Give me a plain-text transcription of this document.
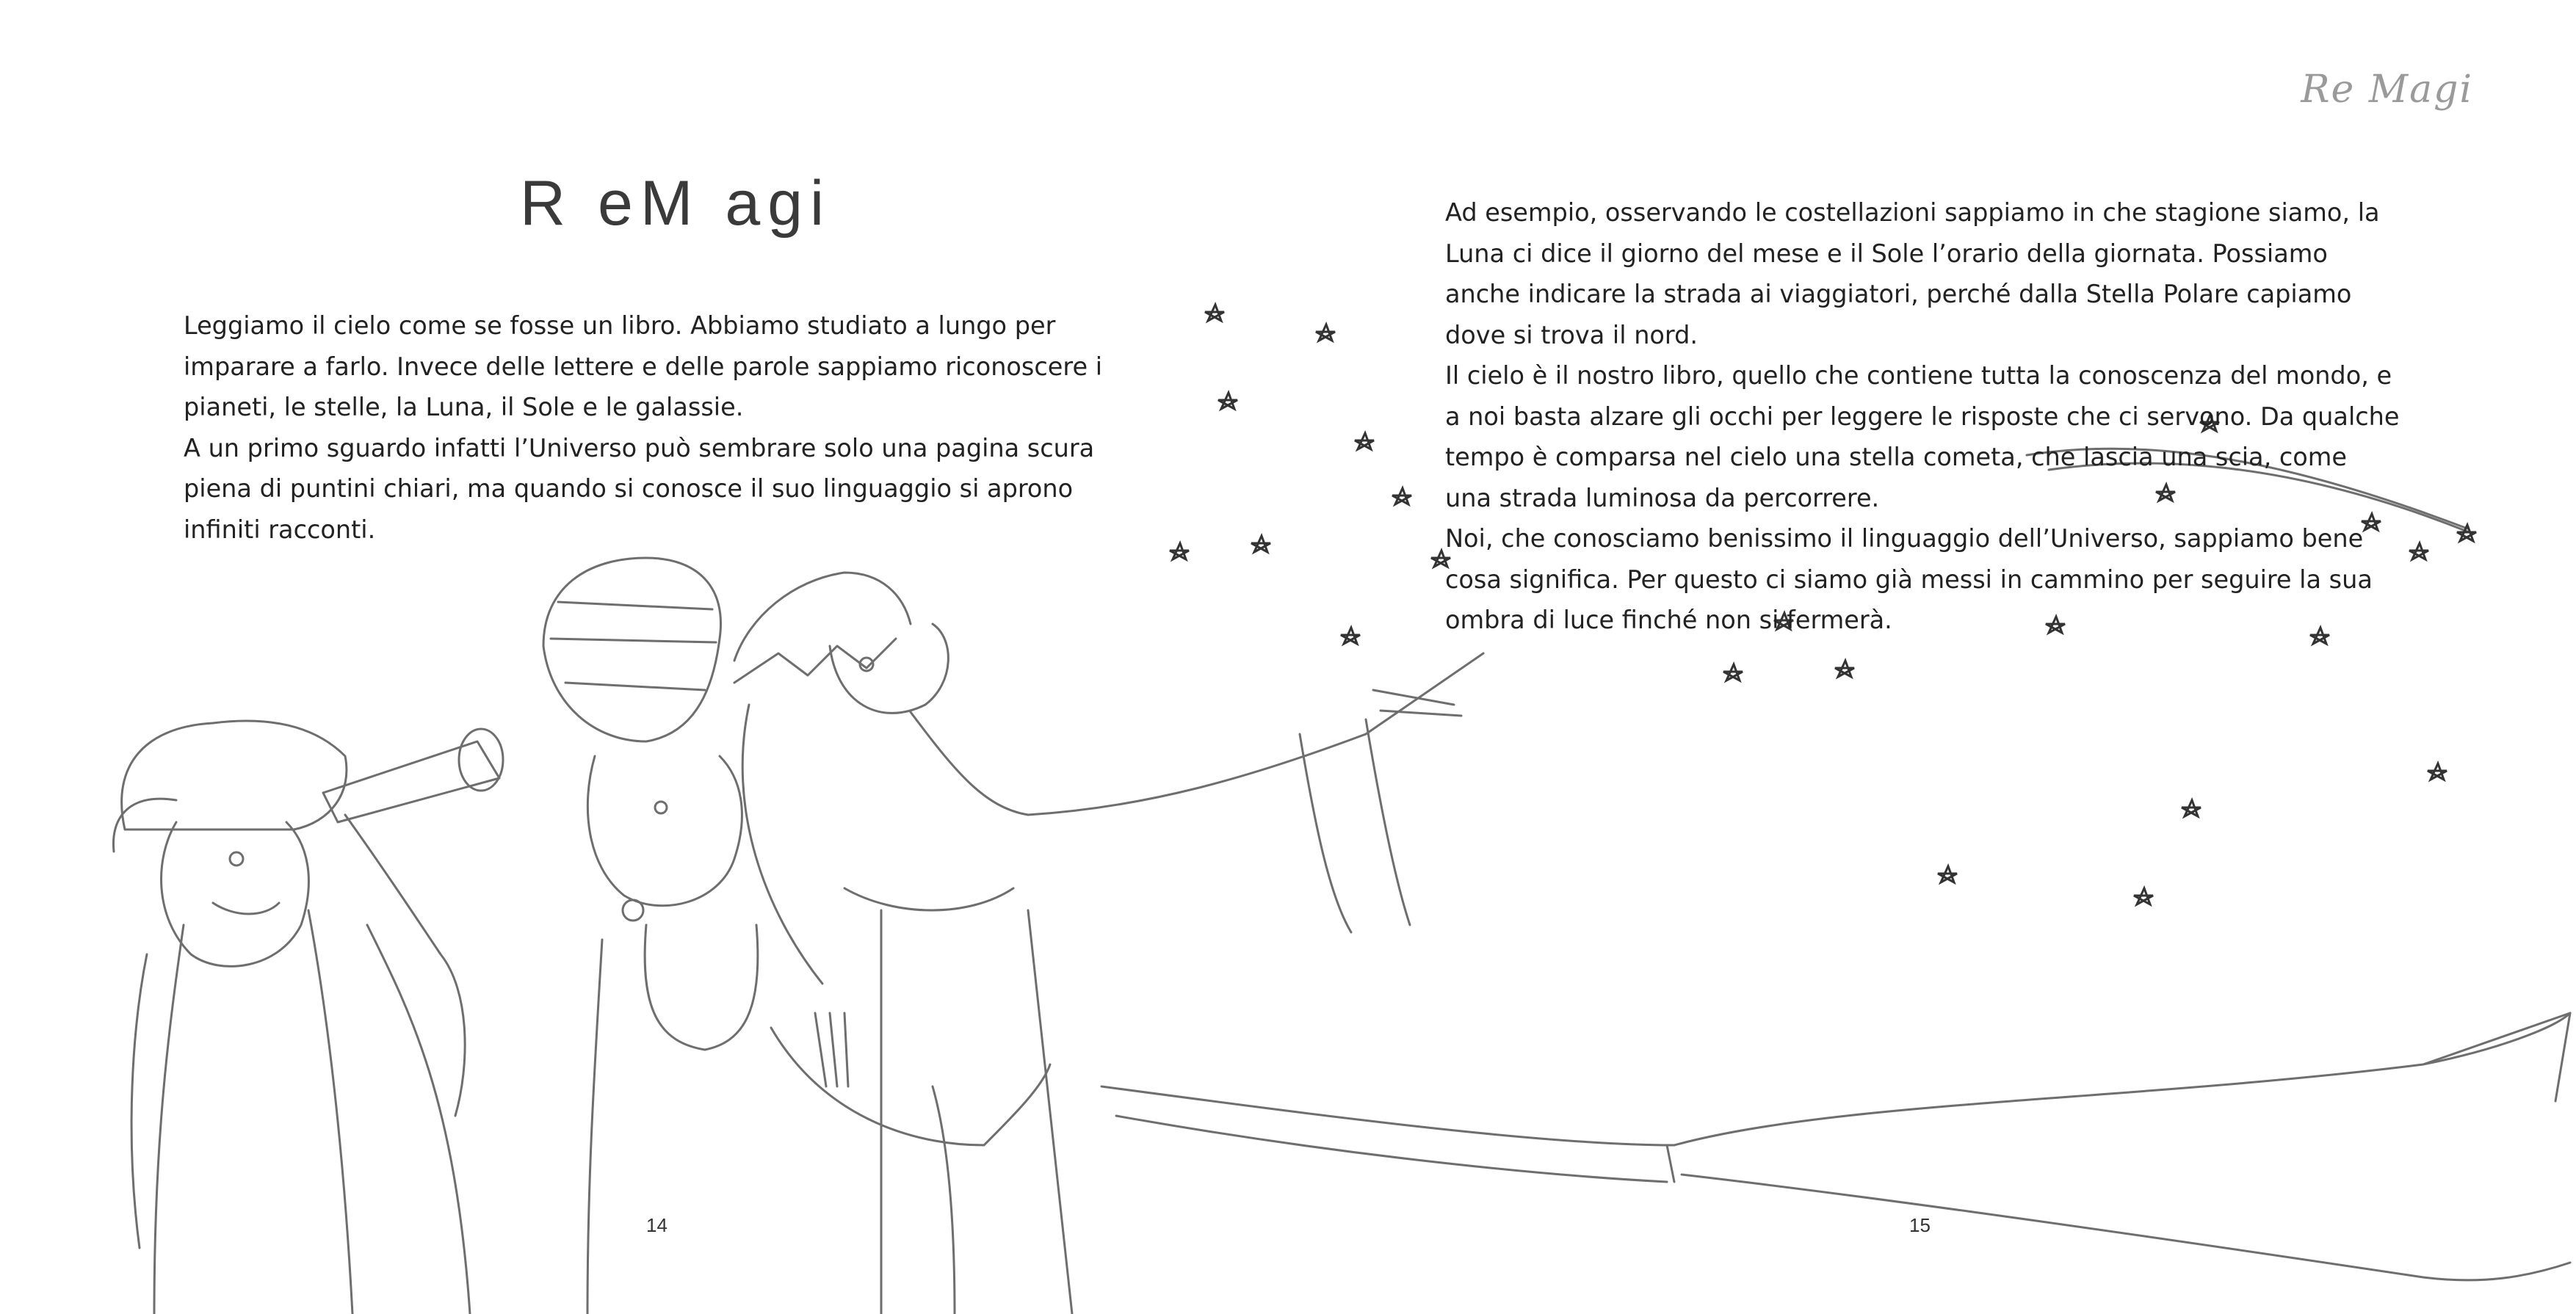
Re Magi
R eM agi

Leggiamo il cielo come se fosse un libro. Abbiamo studiato a lungo per imparare a farlo. Invece delle lettere e delle parole sappiamo riconoscere i pianeti, le stelle, la Luna, il Sole e le galassie.

A un primo sguardo infatti l’Universo può sembrare solo una pagina scura piena di puntini chiari, ma quando si conosce il suo linguaggio si aprono infiniti racconti.

Ad esempio, osservando le costellazioni sappiamo in che stagione siamo, la Luna ci dice il giorno del mese e il Sole l’orario della giornata. Possiamo anche indicare la strada ai viaggiatori, perché dalla Stella Polare capiamo dove si trova il nord.

Il cielo è il nostro libro, quello che contiene tutta la conoscenza del mondo, e a noi basta alzare gli occhi per leggere le risposte che ci servono. Da qualche tempo è comparsa nel cielo una stella cometa, che lascia una scia, come una strada luminosa da percorrere.

Noi, che conosciamo benissimo il linguaggio dell’Universo, sappiamo bene cosa significa. Per questo ci siamo già messi in cammino per seguire la sua ombra di luce finché non si fermerà.

14	15
